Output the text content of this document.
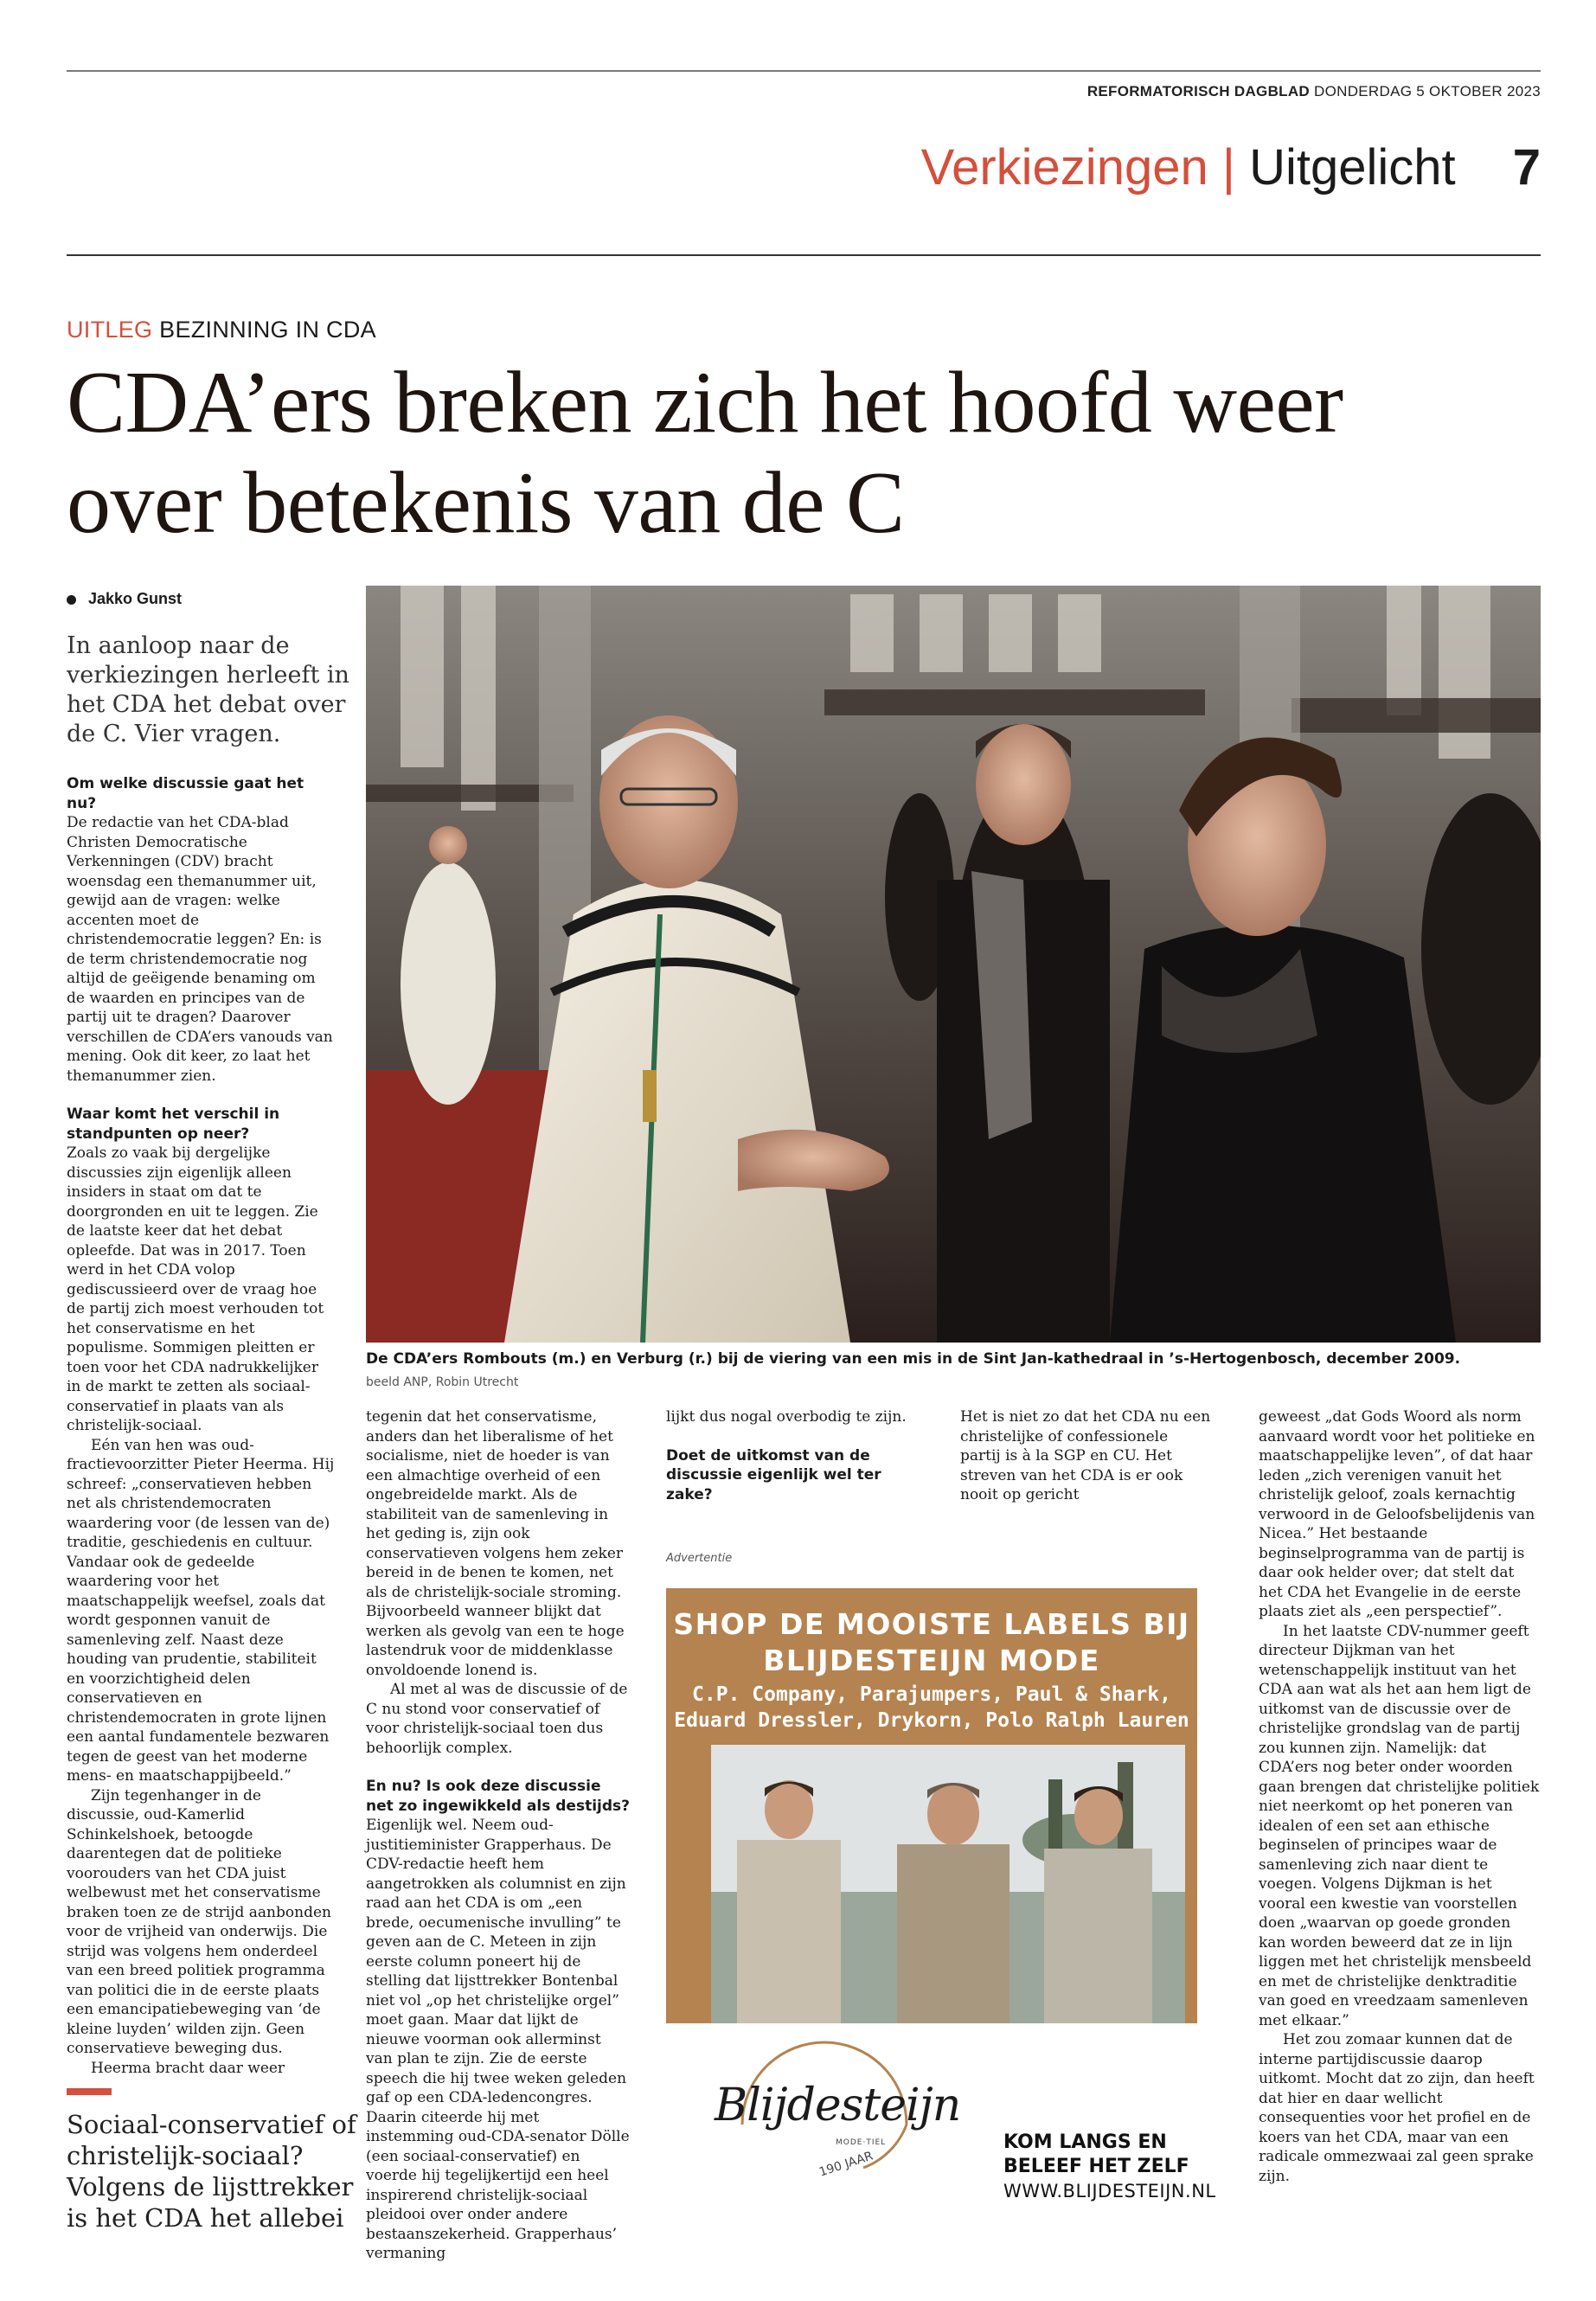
REFORMATORISCH DAGBLAD DONDERDAG 5 OKTOBER 2023
Verkiezingen | Uitgelicht 7
UITLEG BEZINNING IN CDA
CDA’ers breken zich het hoofd weer
over betekenis van de C
Jakko Gunst
In aanloop naar de verkiezingen herleeft in het CDA het debat over de C. Vier vragen.

Om welke discussie gaat het nu?

De redactie van het CDA-blad Christen Democratische Verkenningen (CDV) bracht woensdag een themanummer uit, gewijd aan de vragen: welke accenten moet de christendemocratie leggen? En: is de term christendemocratie nog altijd de geëigende benaming om de waarden en principes van de partij uit te dragen? Daarover verschillen de CDA’ers vanouds van mening. Ook dit keer, zo laat het themanummer zien.

Waar komt het verschil in standpunten op neer?

Zoals zo vaak bij dergelijke discussies zijn eigenlijk alleen insiders in staat om dat te doorgronden en uit te leggen. Zie de laatste keer dat het debat opleefde. Dat was in 2017. Toen werd in het CDA volop gediscussieerd over de vraag hoe de partij zich moest verhouden tot het conservatisme en het populisme. Sommigen pleitten er toen voor het CDA nadrukkelijker in de markt te zetten als sociaal-conservatief in plaats van als christelijk-sociaal.

Eén van hen was oud-fractievoorzitter Pieter Heerma. Hij schreef: „conservatieven hebben net als christendemocraten waardering voor (de lessen van de) traditie, geschiedenis en cultuur. Vandaar ook de gedeelde waardering voor het maatschappelijk weefsel, zoals dat wordt gesponnen vanuit de samenleving zelf. Naast deze houding van prudentie, stabiliteit en voorzichtigheid delen conservatieven en christendemocraten in grote lijnen een aantal fundamentele bezwaren tegen de geest van het moderne mens- en maatschappijbeeld.”

Zijn tegenhanger in de discussie, oud-Kamerlid Schinkelshoek, betoogde daarentegen dat de politieke voorouders van het CDA juist welbewust met het conservatisme braken toen ze de strijd aanbonden voor de vrijheid van onderwijs. Die strijd was volgens hem onderdeel van een breed politiek programma van politici die in de eerste plaats een emancipatiebeweging van ‘de kleine luyden’ wilden zijn. Geen conservatieve beweging dus.

Heerma bracht daar weer

Sociaal-conservatief of christelijk-sociaal? Volgens de lijsttrekker is het CDA het allebei
De CDA’ers Rombouts (m.) en Verburg (r.) bij de viering van een mis in de Sint Jan-kathedraal in ’s-Hertogenbosch, december 2009.
beeld ANP, Robin Utrecht

tegenin dat het conservatisme, anders dan het liberalisme of het socialisme, niet de hoeder is van een almachtige overheid of een ongebreidelde markt. Als de stabiliteit van de samenleving in het geding is, zijn ook conservatieven volgens hem zeker bereid in de benen te komen, net als de christelijk-sociale stroming. Bijvoorbeeld wanneer blijkt dat werken als gevolg van een te hoge lastendruk voor de middenklasse onvoldoende lonend is.

Al met al was de discussie of de C nu stond voor conservatief of voor christelijk-sociaal toen dus behoorlijk complex.

En nu? Is ook deze discussie net zo ingewikkeld als destijds?

Eigenlijk wel. Neem oud-justitieminister Grapperhaus. De CDV-redactie heeft hem aangetrokken als columnist en zijn raad aan het CDA is om „een brede, oecumenische invulling” te geven aan de C. Meteen in zijn eerste column poneert hij de stelling dat lijsttrekker Bontenbal niet vol „op het christelijke orgel” moet gaan. Maar dat lijkt de nieuwe voorman ook allerminst van plan te zijn. Zie de eerste speech die hij twee weken geleden gaf op een CDA-ledencongres. Daarin citeerde hij met instemming oud-CDA-senator Dölle (een sociaal-conservatief) en voerde hij tegelijkertijd een heel inspirerend christelijk-sociaal pleidooi over onder andere bestaanszekerheid. Grapperhaus’ vermaning

lijkt dus nogal overbodig te zijn.

Doet de uitkomst van de discussie eigenlijk wel ter zake?

Het is niet zo dat het CDA nu een christelijke of confessionele partij is à la SGP en CU. Het streven van het CDA is er ook nooit op gericht

geweest „dat Gods Woord als norm aanvaard wordt voor het politieke en maatschappelijke leven”, of dat haar leden „zich verenigen vanuit het christelijk geloof, zoals kernachtig verwoord in de Geloofsbelijdenis van Nicea.” Het bestaande beginselprogramma van de partij is daar ook helder over; dat stelt dat het CDA het Evangelie in de eerste plaats ziet als „een perspectief”.

In het laatste CDV-nummer geeft directeur Dijkman van het wetenschappelijk instituut van het CDA aan wat als het aan hem ligt de uitkomst van de discussie over de christelijke grondslag van de partij zou kunnen zijn. Namelijk: dat CDA’ers nog beter onder woorden gaan brengen dat christelijke politiek niet neerkomt op het poneren van idealen of een set aan ethische beginselen of principes waar de samenleving zich naar dient te voegen. Volgens Dijkman is het vooral een kwestie van voorstellen doen „waarvan op goede gronden kan worden beweerd dat ze in lijn liggen met het christelijk mensbeeld en met de christelijke denktraditie van goed en vreedzaam samenleven met elkaar.”

Het zou zomaar kunnen dat de interne partijdiscussie daarop uitkomt. Mocht dat zo zijn, dan heeft dat hier en daar wellicht consequenties voor het profiel en de koers van het CDA, maar van een radicale ommezwaai zal geen sprake zijn.

Advertentie
SHOP DE MOOISTE LABELS BIJ
BLIJDESTEIJN MODE
C.P. Company, Parajumpers, Paul & Shark,
Eduard Dressler, Drykorn, Polo Ralph Lauren
Blijdesteijn
MODE·TIEL
190 JAAR
KOM LANGS EN
BELEEF HET ZELF
WWW.BLIJDESTEIJN.NL
